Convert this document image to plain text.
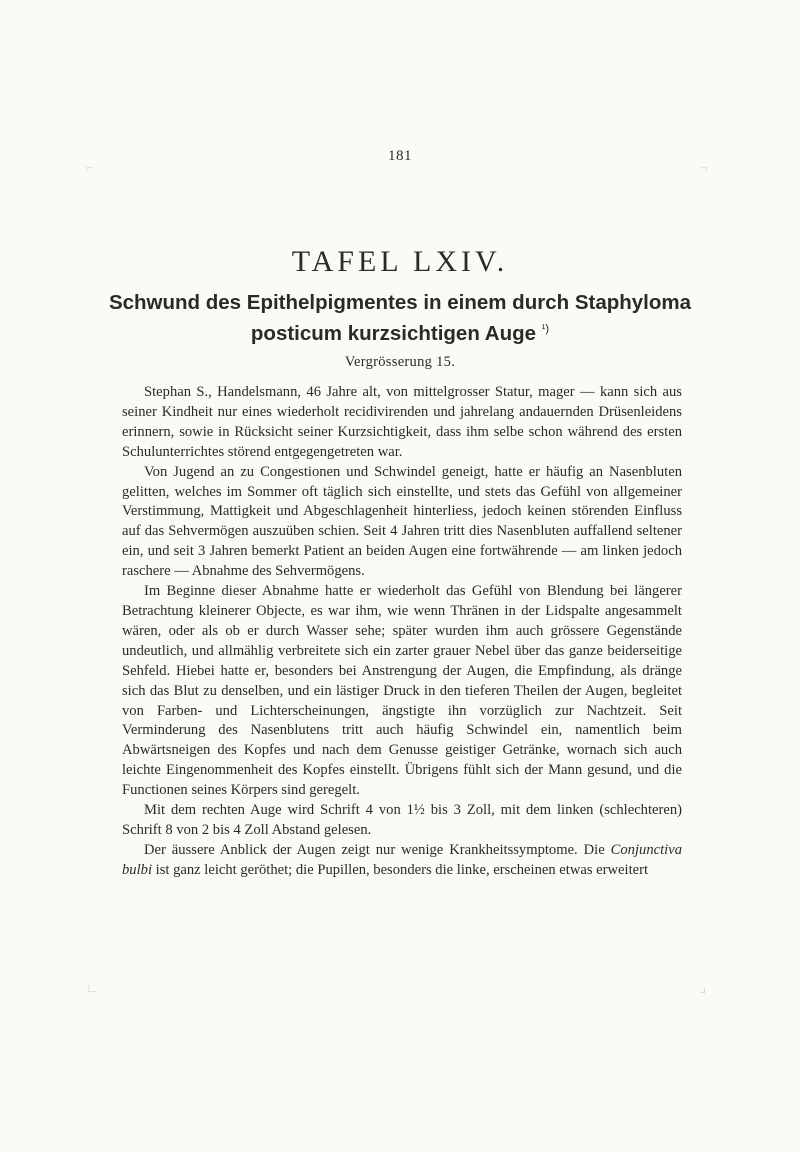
⌐	¬
∟	⌟
181
TAFEL LXIV.
Schwund des Epithelpigmentes in einem durch Staphyloma
posticum kurzsichtigen Auge $^{^1)}$
Vergrösserung 15.

Stephan S., Handelsmann, 46 Jahre alt, von mittelgrosser Statur, mager — kann sich aus seiner Kindheit nur eines wiederholt recidivirenden und jahrelang andauernden Drüsenleidens erinnern, sowie in Rücksicht seiner Kurzsichtigkeit, dass ihm selbe schon während des ersten Schulunterrichtes störend entgegengetreten war.

Von Jugend an zu Congestionen und Schwindel geneigt, hatte er häufig an Nasenbluten gelitten, welches im Sommer oft täglich sich einstellte, und stets das Gefühl von allgemeiner Verstimmung, Mattigkeit und Abgeschlagenheit hinterliess, jedoch keinen störenden Einfluss auf das Sehvermögen auszuüben schien. Seit 4 Jahren tritt dies Nasenbluten auffallend seltener ein, und seit 3 Jahren bemerkt Patient an beiden Augen eine fortwährende — am linken jedoch raschere — Abnahme des Sehvermögens.

Im Beginne dieser Abnahme hatte er wiederholt das Gefühl von Blendung bei längerer Betrachtung kleinerer Objecte, es war ihm, wie wenn Thränen in der Lidspalte angesammelt wären, oder als ob er durch Wasser sehe; später wurden ihm auch grössere Gegenstände undeutlich, und allmählig verbreitete sich ein zarter grauer Nebel über das ganze beiderseitige Sehfeld. Hiebei hatte er, besonders bei Anstrengung der Augen, die Empfindung, als dränge sich das Blut zu denselben, und ein lästiger Druck in den tieferen Theilen der Augen, begleitet von Farben- und Lichterscheinungen, ängstigte ihn vorzüglich zur Nachtzeit. Seit Verminderung des Nasenblutens tritt auch häufig Schwindel ein, namentlich beim Abwärtsneigen des Kopfes und nach dem Genusse geistiger Getränke, wornach sich auch leichte Eingenommenheit des Kopfes einstellt. Übrigens fühlt sich der Mann gesund, und die Functionen seines Körpers sind geregelt.

Mit dem rechten Auge wird Schrift 4 von 1½ bis 3 Zoll, mit dem linken (schlechteren) Schrift 8 von 2 bis 4 Zoll Abstand gelesen.

Der äussere Anblick der Augen zeigt nur wenige Krankheitssymptome. Die Conjunctiva bulbi ist ganz leicht geröthet; die Pupillen, besonders die linke, erscheinen etwas erweitert
